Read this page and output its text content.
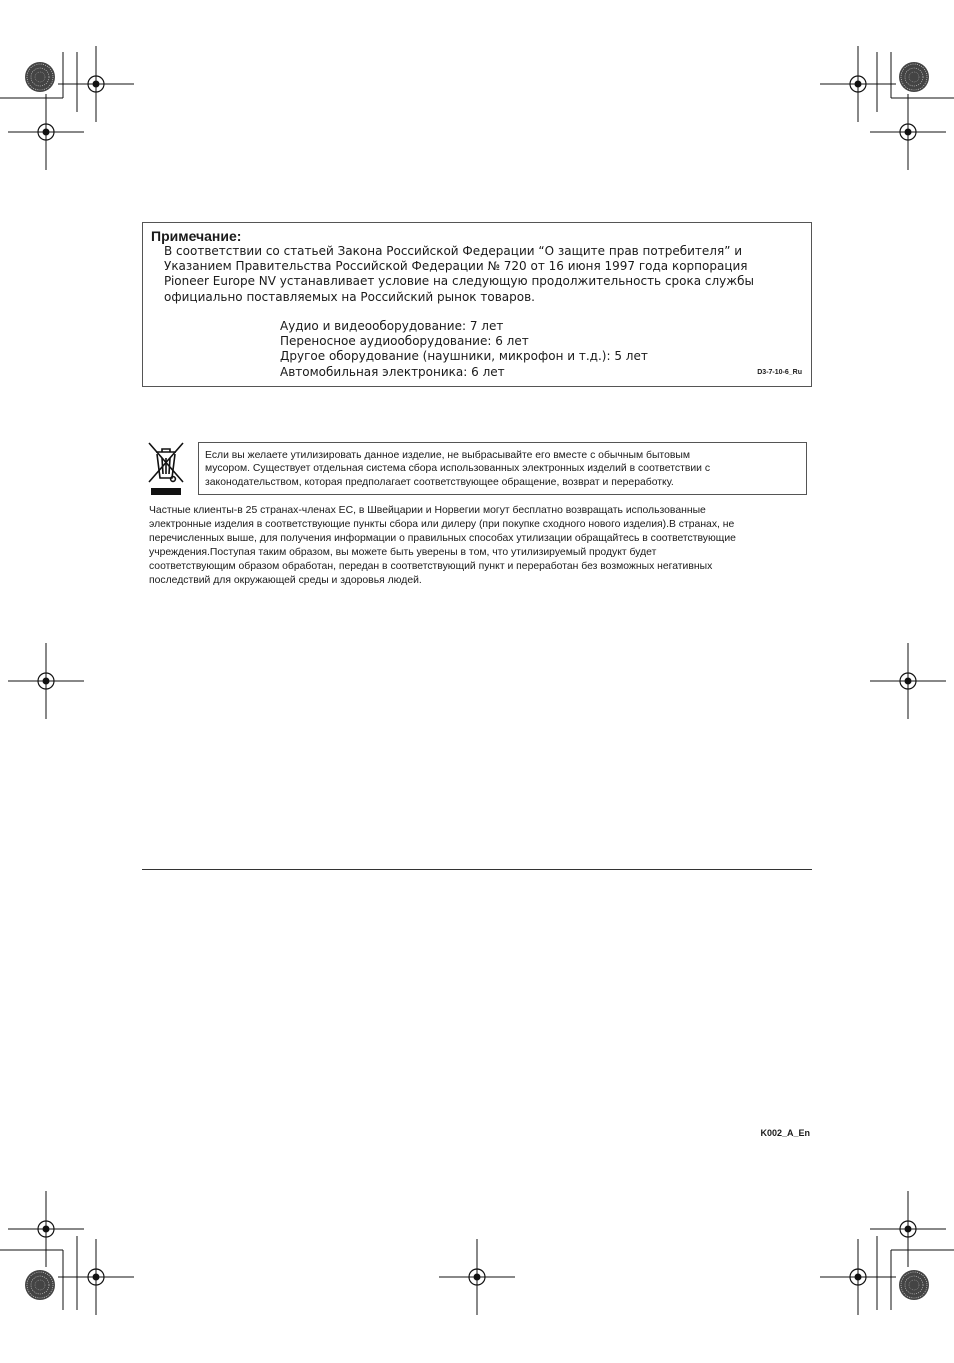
Примечание:

В соответствии со статьей Закона Российской Федерации “О защите прав потребителя” и
Указанием Правительства Российской Федерации № 720 от 16 июня 1997 года корпорация
Pioneer Europe NV устанавливает условие на следующую продолжительность срока службы
официально поставляемых на Российский рынок товаров.

Аудио и видеооборудование: 7 лет
Переносное аудиооборудование: 6 лет
Другое оборудование (наушники, микрофон и т.д.): 5 лет
Автомобильная электроника: 6 лет	D3-7-10-6_Ru
Если вы желаете утилизировать данное изделие, не выбрасывайте его вместе с обычным бытовым
мусором. Существует отдельная система сбора использованных электронных изделий в соответствии с
законодательством, которая предполагает соответствующее обращение, возврат и переработку.

Частные клиенты-в 25 странах-членах ЕС, в Швейцарии и Норвегии могут бесплатно возвращать использованные
электронные изделия в соответствующие пункты сбора или дилеру (при покупке сходного нового изделия).В странах, не
перечисленных выше, для получения информации о правильных способах утилизации обращайтесь в соответствующие
учреждения.Поступая таким образом, вы можете быть уверены в том, что утилизируемый продукт будет
соответствующим образом обработан, передан в соответствующий пункт и переработан без возможных негативных
последствий для окружающей среды и здоровья людей.

K002_A_En
